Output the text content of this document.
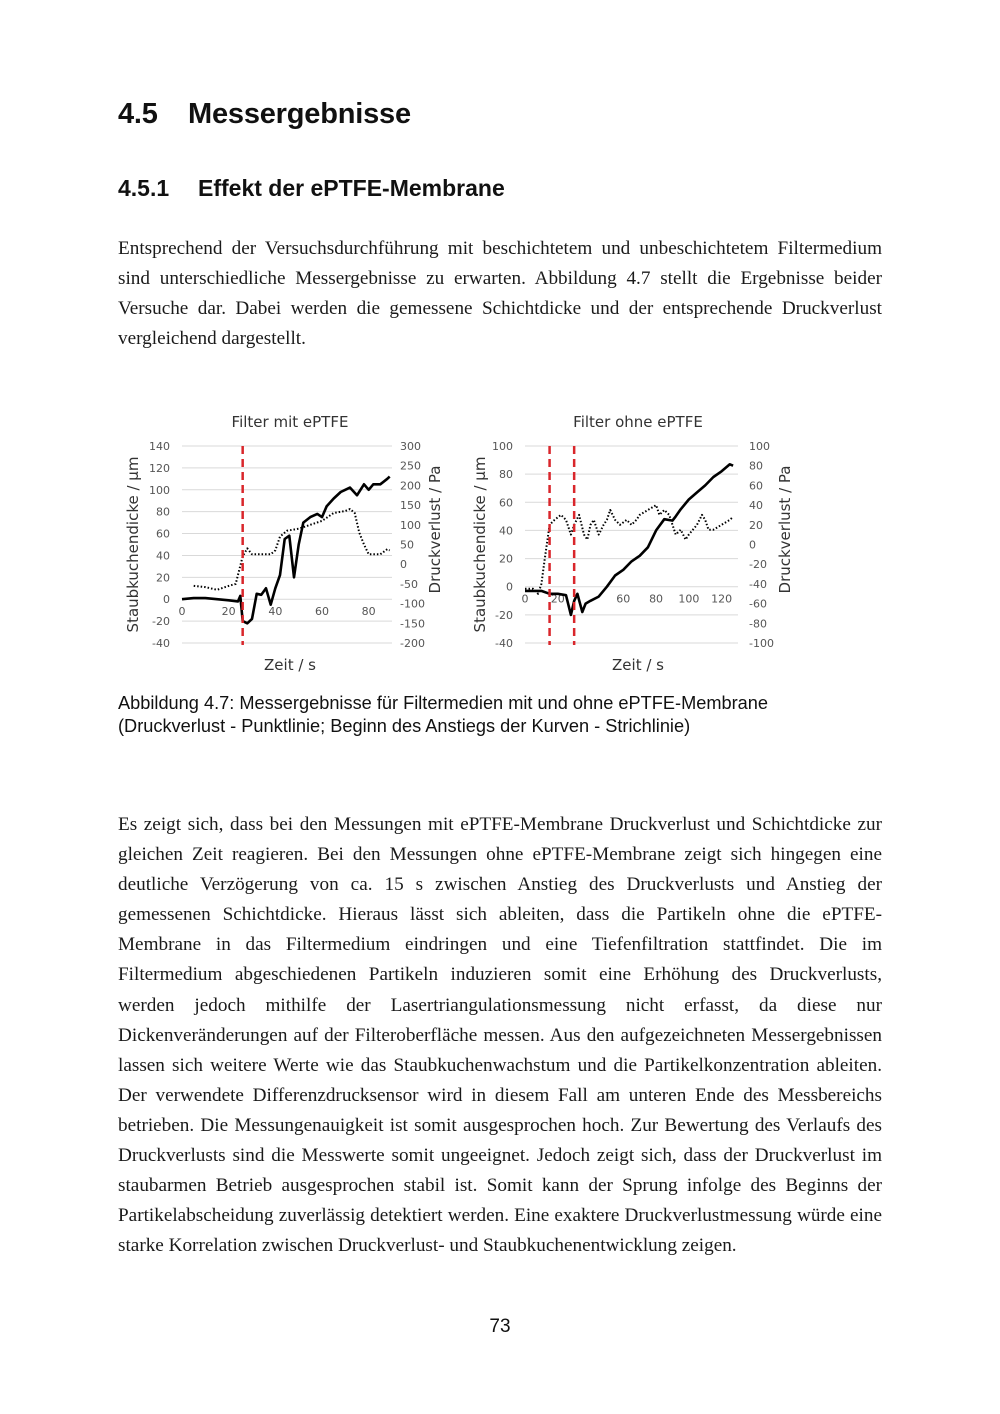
4.5 Messergebnisse
4.5.1 Effekt der ePTFE-Membrane

Entsprechend der Versuchsdurchführung mit beschichtetem und unbeschichtetem Filtermedium sind unterschiedliche Messergebnisse zu erwarten. Abbildung 4.7 stellt die Ergebnisse beider Versuche dar. Dabei werden die gemessene Schichtdicke und der entsprechende Druckverlust vergleichend dargestellt.

Filter mit ePTFE
140
120
100
80
60
40
20
0
-20
-40
300
250
200
150
100
50
0
-50
-100
-150
-200
0	20	40	60	80
Zeit / s
Staubkuchendicke / µm	Druckverlust / Pa
Filter ohne ePTFE
100
80
60
40
20
0
-20
-40
100
80
60
40
20
0
-20
-40
-60
-80
-100
0 20	60 80 100 120
Zeit / s
Staubkuchendicke / µm	Druckverlust / Pa
Abbildung 4.7: Messergebnisse für Filtermedien mit und ohne ePTFE-Membrane
(Druckverlust - Punktlinie; Beginn des Anstiegs der Kurven - Strichlinie)

Es zeigt sich, dass bei den Messungen mit ePTFE-Membrane Druckverlust und Schichtdicke zur gleichen Zeit reagieren. Bei den Messungen ohne ePTFE-Membrane zeigt sich hingegen eine deutliche Verzögerung von ca. 15 s zwischen Anstieg des Druckverlusts und Anstieg der gemessenen Schichtdicke. Hieraus lässt sich ableiten, dass die Partikeln ohne die ePTFE-Membrane in das Filtermedium eindringen und eine Tiefenfiltration stattfindet. Die im Filtermedium abgeschiedenen Partikeln induzieren somit eine Erhöhung des Druckverlusts, werden jedoch mithilfe der Lasertriangulationsmessung nicht erfasst, da diese nur Dickenveränderungen auf der Filteroberfläche messen. Aus den aufgezeichneten Messergebnissen lassen sich weitere Werte wie das Staubkuchenwachstum und die Partikelkonzentration ableiten. Der verwendete Differenzdrucksensor wird in diesem Fall am unteren Ende des Messbereichs betrieben. Die Messungenauigkeit ist somit ausgesprochen hoch. Zur Bewertung des Verlaufs des Druckverlusts sind die Messwerte somit ungeeignet. Jedoch zeigt sich, dass der Druckverlust im staubarmen Betrieb ausgesprochen stabil ist. Somit kann der Sprung infolge des Beginns der Partikelabscheidung zuverlässig detektiert werden. Eine exaktere Druckverlustmessung würde eine starke Korrelation zwischen Druckverlust- und Staubkuchenentwicklung zeigen.

73
